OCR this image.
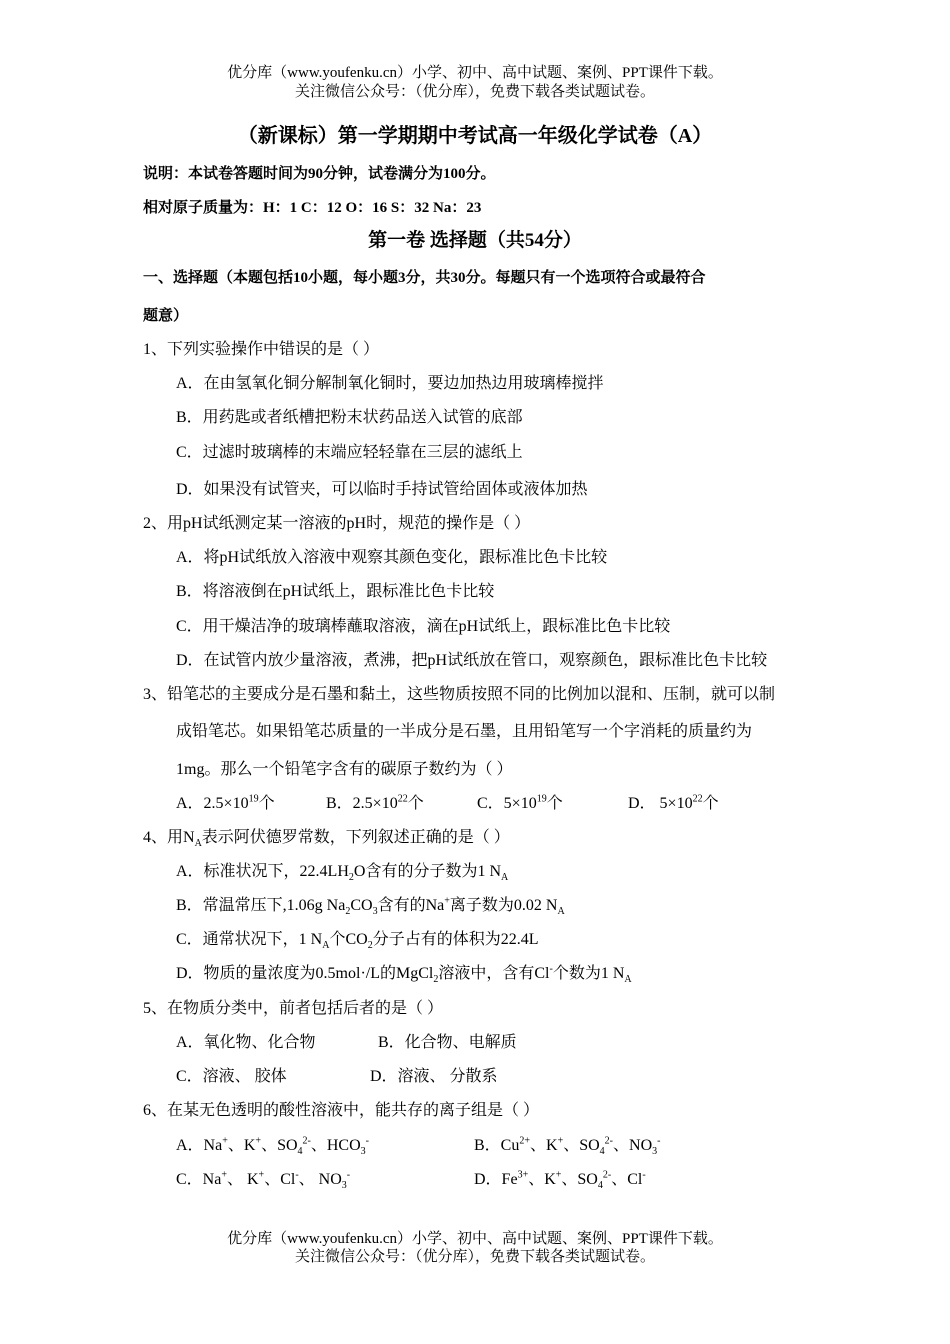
优分库（www.youfenku.cn）小学、初中、高中试题、案例、PPT课件下载。
关注微信公众号：（优分库），免费下载各类试题试卷。
（新课标）第一学期期中考试高一年级化学试卷（A）
说明：本试卷答题时间为90分钟，试卷满分为100分。
相对原子质量为：H：1 C：12 O：16 S：32 Na：23
第一卷 选择题（共54分）
一、选择题（本题包括10小题，每小题3分，共30分。每题只有一个选项符合或最符合
题意）
1、下列实验操作中错误的是（ ）
A．在由氢氧化铜分解制氧化铜时，要边加热边用玻璃棒搅拌
B．用药匙或者纸槽把粉末状药品送入试管的底部
C．过滤时玻璃棒的末端应轻轻靠在三层的滤纸上
D．如果没有试管夹，可以临时手持试管给固体或液体加热
2、用pH试纸测定某一溶液的pH时，规范的操作是（ ）
A．将pH试纸放入溶液中观察其颜色变化，跟标准比色卡比较
B．将溶液倒在pH试纸上，跟标准比色卡比较
C．用干燥洁净的玻璃棒蘸取溶液，滴在pH试纸上，跟标准比色卡比较
D．在试管内放少量溶液，煮沸，把pH试纸放在管口，观察颜色，跟标准比色卡比较
3、铅笔芯的主要成分是石墨和黏土，这些物质按照不同的比例加以混和、压制，就可以制
成铅笔芯。如果铅笔芯质量的一半成分是石墨，且用铅笔写一个字消耗的质量约为
1mg。那么一个铅笔字含有的碳原子数约为（ ）
A．$2.5\times 10^{19}$个	B．$2.5\times 10^{22}$个	C．$5\times 10^{19}$个	D． $5\times 10^{22}$个
4、用$N_A$表示阿伏德罗常数，下列叙述正确的是（ ）
A．标准状况下，$22.4LH_2O$含有的分子数为1 $N_A$
B．常温常压下,1.06g $Na_2CO_3$含有的Na+离子数为0.02 $N_A$
C．通常状况下，1 $N_A$个$CO_2$分子占有的体积为22.4L
D．物质的量浓度为0.5mol·/L的MgCl$_2$溶液中，含有Cl-个数为1 $N_A$
5、在物质分类中，前者包括后者的是（ ）
A．氧化物、化合物	B．化合物、电解质
C．溶液、 胶体	D．溶液、 分散系
6、在某无色透明的酸性溶液中，能共存的离子组是（ ）
A．Na+、K+、$SO_4^{2-}$、$HCO_3^-$	B．$Cu^{2+}$、K+、$SO_4^{2-}$、$NO_3^-$
C．Na+、 K+、Cl-、 $NO_3^-$	D．$Fe^{3+}$、K+、$SO_4^{2-}$、Cl-
优分库（www.youfenku.cn）小学、初中、高中试题、案例、PPT课件下载。
关注微信公众号：（优分库），免费下载各类试题试卷。
